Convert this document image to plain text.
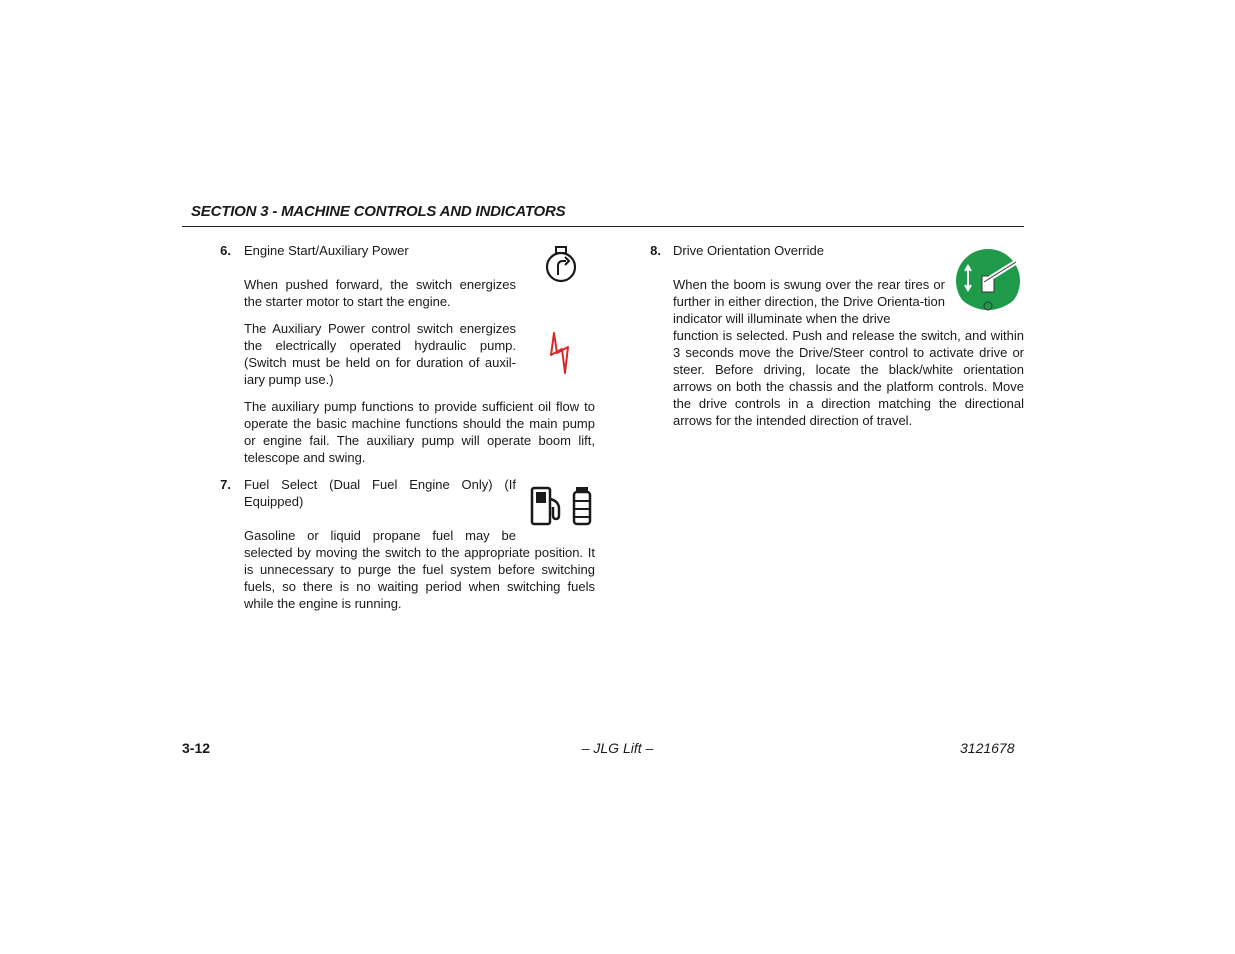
SECTION 3 - MACHINE CONTROLS AND INDICATORS
6. Engine Start/Auxiliary Power
When pushed forward, the switch energizes the starter motor to start the engine.
The Auxiliary Power control switch energizes the electrically operated hydraulic pump. (Switch must be held on for duration of auxil-iary pump use.)
The auxiliary pump functions to provide sufficient oil flow to operate the basic machine functions should the main pump or engine fail. The auxiliary pump will operate boom lift, telescope and swing.
7. Fuel Select (Dual Fuel Engine Only) (If Equipped)
Gasoline or liquid propane fuel may be
selected by moving the switch to the appropriate position. It is unnecessary to purge the fuel system before switching fuels, so there is no waiting period when switching fuels while the engine is running.
8. Drive Orientation Override
When the boom is swung over the rear tires or further in either direction, the Drive Orienta-tion indicator will illuminate when the drive
function is selected. Push and release the switch, and within 3 seconds move the Drive/Steer control to activate drive or steer. Before driving, locate the black/white orientation arrows on both the chassis and the platform controls. Move the drive controls in a direction matching the directional arrows for the intended direction of travel.
3-12	– JLG Lift –	3121678
